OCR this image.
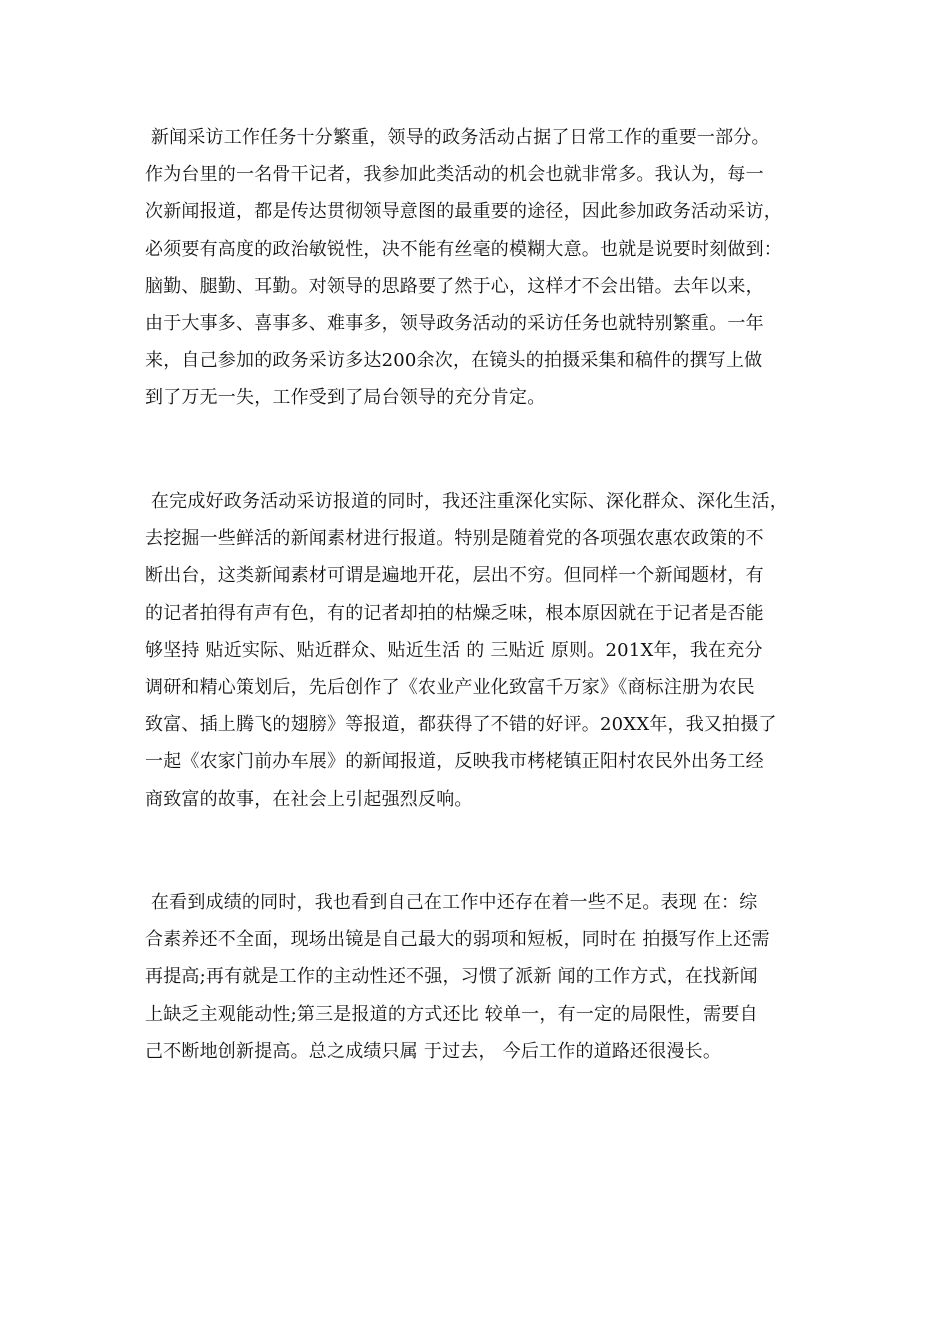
新闻采访工作任务十分繁重，领导的政务活动占据了日常工作的重要一部分。
作为台里的一名骨干记者，我参加此类活动的机会也就非常多。我认为，每一
次新闻报道，都是传达贯彻领导意图的最重要的途径，因此参加政务活动采访，
必须要有高度的政治敏锐性，决不能有丝毫的模糊大意。也就是说要时刻做到：
脑勤、腿勤、耳勤。对领导的思路要了然于心，这样才不会出错。去年以来，
由于大事多、喜事多、难事多，领导政务活动的采访任务也就特别繁重。一年
来，自己参加的政务采访多达200余次，在镜头的拍摄采集和稿件的撰写上做
到了万无一失，工作受到了局台领导的充分肯定。
在完成好政务活动采访报道的同时，我还注重深化实际、深化群众、深化生活，
去挖掘一些鲜活的新闻素材进行报道。特别是随着党的各项强农惠农政策的不
断出台，这类新闻素材可谓是遍地开花，层出不穷。但同样一个新闻题材，有
的记者拍得有声有色，有的记者却拍的枯燥乏味，根本原因就在于记者是否能
够坚持 贴近实际、贴近群众、贴近生活 的 三贴近 原则。201X年，我在充分
调研和精心策划后，先后创作了《农业产业化致富千万家》《商标注册为农民
致富、插上腾飞的翅膀》等报道，都获得了不错的好评。20XX年，我又拍摄了
一起《农家门前办车展》的新闻报道，反映我市栲栳镇正阳村农民外出务工经
商致富的故事，在社会上引起强烈反响。
在看到成绩的同时，我也看到自己在工作中还存在着一些不足。表现 在：综
合素养还不全面，现场出镜是自己最大的弱项和短板，同时在 拍摄写作上还需
再提高;再有就是工作的主动性还不强，习惯了派新 闻的工作方式，在找新闻
上缺乏主观能动性;第三是报道的方式还比 较单一，有一定的局限性，需要自
己不断地创新提高。总之成绩只属 于过去， 今后工作的道路还很漫长。
